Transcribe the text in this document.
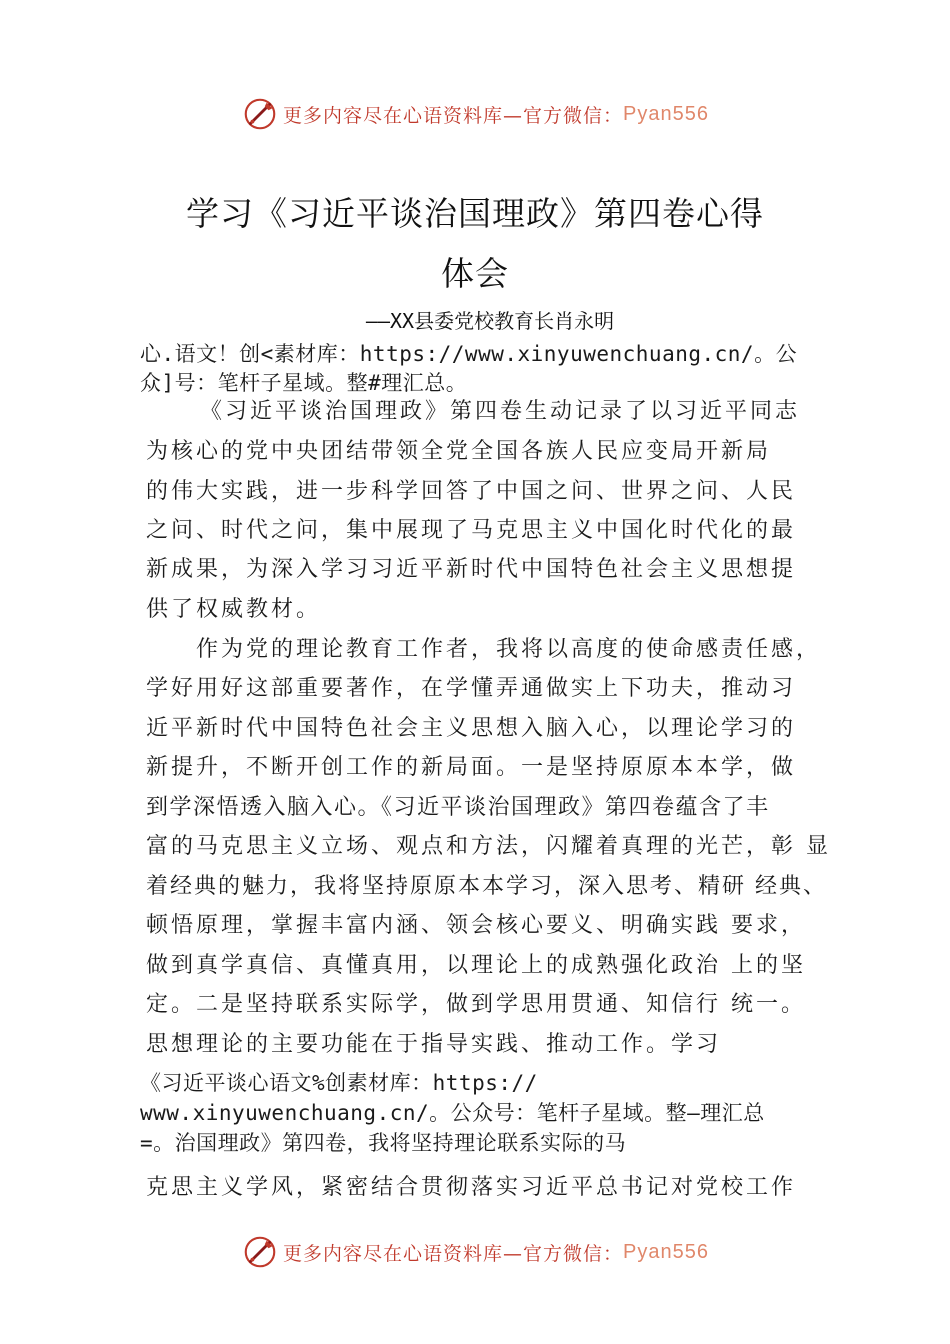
更多内容尽在心语资料库—官方微信： Pyan556
学习《习近平谈治国理政》第四卷心得
体会
——XX县委党校教育长肖永明
心.语文！创<素材库：https://www.xinyuwenchuang.cn/。公
众]号：笔杆子星域。整#理汇总。
《习近平谈治国理政》第四卷生动记录了以习近平同志
为核心的党中央团结带领全党全国各族人民应变局开新局
的伟大实践，进一步科学回答了中国之问、世界之问、人民
之问、时代之问，集中展现了马克思主义中国化时代化的最
新成果，为深入学习习近平新时代中国特色社会主义思想提
供了权威教材。
作为党的理论教育工作者，我将以高度的使命感责任感，
学好用好这部重要著作，在学懂弄通做实上下功夫，推动习
近平新时代中国特色社会主义思想入脑入心，以理论学习的
新提升，不断开创工作的新局面。一是坚持原原本本学，做
到学深悟透入脑入心。《习近平谈治国理政》第四卷蕴含了丰
富的马克思主义立场、观点和方法，闪耀着真理的光芒，彰 显
着经典的魅力，我将坚持原原本本学习，深入思考、精研 经典、
顿悟原理，掌握丰富内涵、领会核心要义、明确实践 要求，
做到真学真信、真懂真用，以理论上的成熟强化政治 上的坚
定。二是坚持联系实际学，做到学思用贯通、知信行 统一。
思想理论的主要功能在于指导实践、推动工作。学习
《习近平谈心语文%创素材库：https://
www.xinyuwenchuang.cn/。公众号：笔杆子星域。整—理汇总
=。治国理政》第四卷，我将坚持理论联系实际的马
克思主义学风，紧密结合贯彻落实习近平总书记对党校工作
更多内容尽在心语资料库—官方微信： Pyan556
